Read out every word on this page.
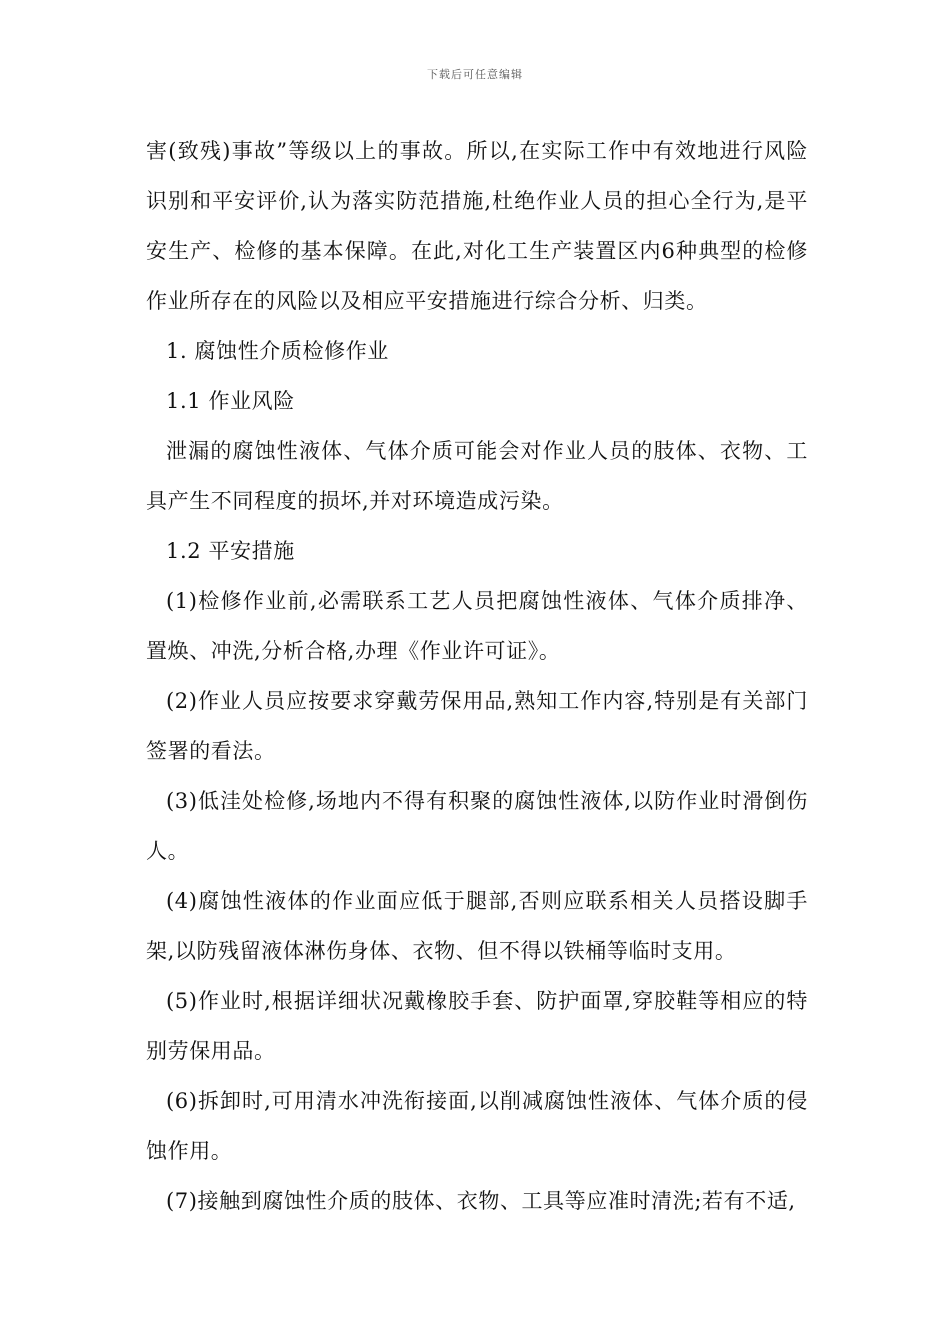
下载后可任意编辑

害(致残)事故”等级以上的事故。所以,在实际工作中有效地进行风险识别和平安评价,认为落实防范措施,杜绝作业人员的担心全行为,是平安生产、检修的基本保障。在此,对化工生产装置区内6种典型的检修作业所存在的风险以及相应平安措施进行综合分析、归类。

1. 腐蚀性介质检修作业

1.1 作业风险

泄漏的腐蚀性液体、气体介质可能会对作业人员的肢体、衣物、工具产生不同程度的损坏,并对环境造成污染。

1.2 平安措施

(1)检修作业前,必需联系工艺人员把腐蚀性液体、气体介质排净、置焕、冲洗,分析合格,办理《作业许可证》。

(2)作业人员应按要求穿戴劳保用品,熟知工作内容,特别是有关部门签署的看法。

(3)低洼处检修,场地内不得有积聚的腐蚀性液体,以防作业时滑倒伤人。

(4)腐蚀性液体的作业面应低于腿部,否则应联系相关人员搭设脚手架,以防残留液体淋伤身体、衣物、但不得以铁桶等临时支用。

(5)作业时,根据详细状况戴橡胶手套、防护面罩,穿胶鞋等相应的特别劳保用品。

(6)拆卸时,可用清水冲洗衔接面,以削减腐蚀性液体、气体介质的侵蚀作用。

(7)接触到腐蚀性介质的肢体、衣物、工具等应准时清洗;若有不适,
